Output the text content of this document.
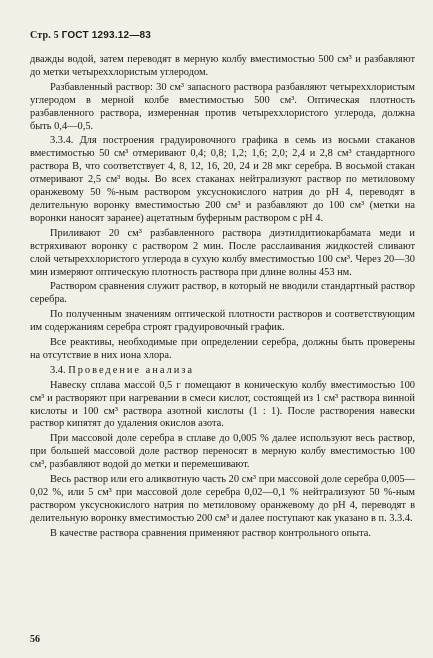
Стр. 5 ГОСТ 1293.12—83

дважды водой, затем переводят в мерную колбу вместимостью 500 см³ и разбавляют до метки четыреххлористым углеродом.

Разбавленный раствор: 30 см³ запасного раствора разбавляют четыреххлористым углеродом в мерной колбе вместимостью 500 см³. Оптическая плотность разбавленного раствора, измеренная против четыреххлористого углерода, должна быть 0,4—0,5.

3.3.4. Для построения градуировочного графика в семь из восьми стаканов вместимостью 50 см³ отмеривают 0,4; 0,8; 1,2; 1,6; 2,0; 2,4 и 2,8 см³ стандартного раствора В, что соответствует 4, 8, 12, 16, 20, 24 и 28 мкг серебра. В восьмой стакан отмеривают 2,5 см³ воды. Во всех стаканах нейтрализуют раствор по метиловому оранжевому 50 %-ным раствором уксуснокислого натрия до рН 4, переводят в делительную воронку вместимостью 200 см³ и разбавляют до 100 см³ (метки на воронки наносят заранее) ацетатным буферным раствором с рН 4.

Приливают 20 см³ разбавленного раствора диэтилдитиокарбамата меди и встряхивают воронку с раствором 2 мин. После расслаивания жидкостей сливают слой четыреххлористого углерода в сухую колбу вместимостью 100 см³. Через 20—30 мин измеряют оптическую плотность раствора при длине волны 453 нм.

Раствором сравнения служит раствор, в который не вводили стандартный раствор серебра.

По полученным значениям оптической плотности растворов и соответствующим им содержаниям серебра строят градуировочный график.

Все реактивы, необходимые при определении серебра, должны быть проверены на отсутствие в них иона хлора.

3.4. Проведение анализа

Навеску сплава массой 0,5 г помещают в коническую колбу вместимостью 100 см³ и растворяют при нагревании в смеси кислот, состоящей из 1 см³ раствора винной кислоты и 100 см³ раствора азотной кислоты (1 : 1). После растворения навески раствор кипятят до удаления окислов азота.

При массовой доле серебра в сплаве до 0,005 % далее используют весь раствор, при большей массовой доле раствор переносят в мерную колбу вместимостью 100 см³, разбавляют водой до метки и перемешивают.

Весь раствор или его аликвотную часть 20 см³ при массовой доле серебра 0,005—0,02 %, или 5 см³ при массовой доле серебра 0,02—0,1 % нейтрализуют 50 %-ным раствором уксуснокислого натрия по метиловому оранжевому до рН 4, переводят в делительную воронку вместимостью 200 см³ и далее поступают как указано в п. 3.3.4.

В качестве раствора сравнения применяют раствор контрольного опыта.

56
